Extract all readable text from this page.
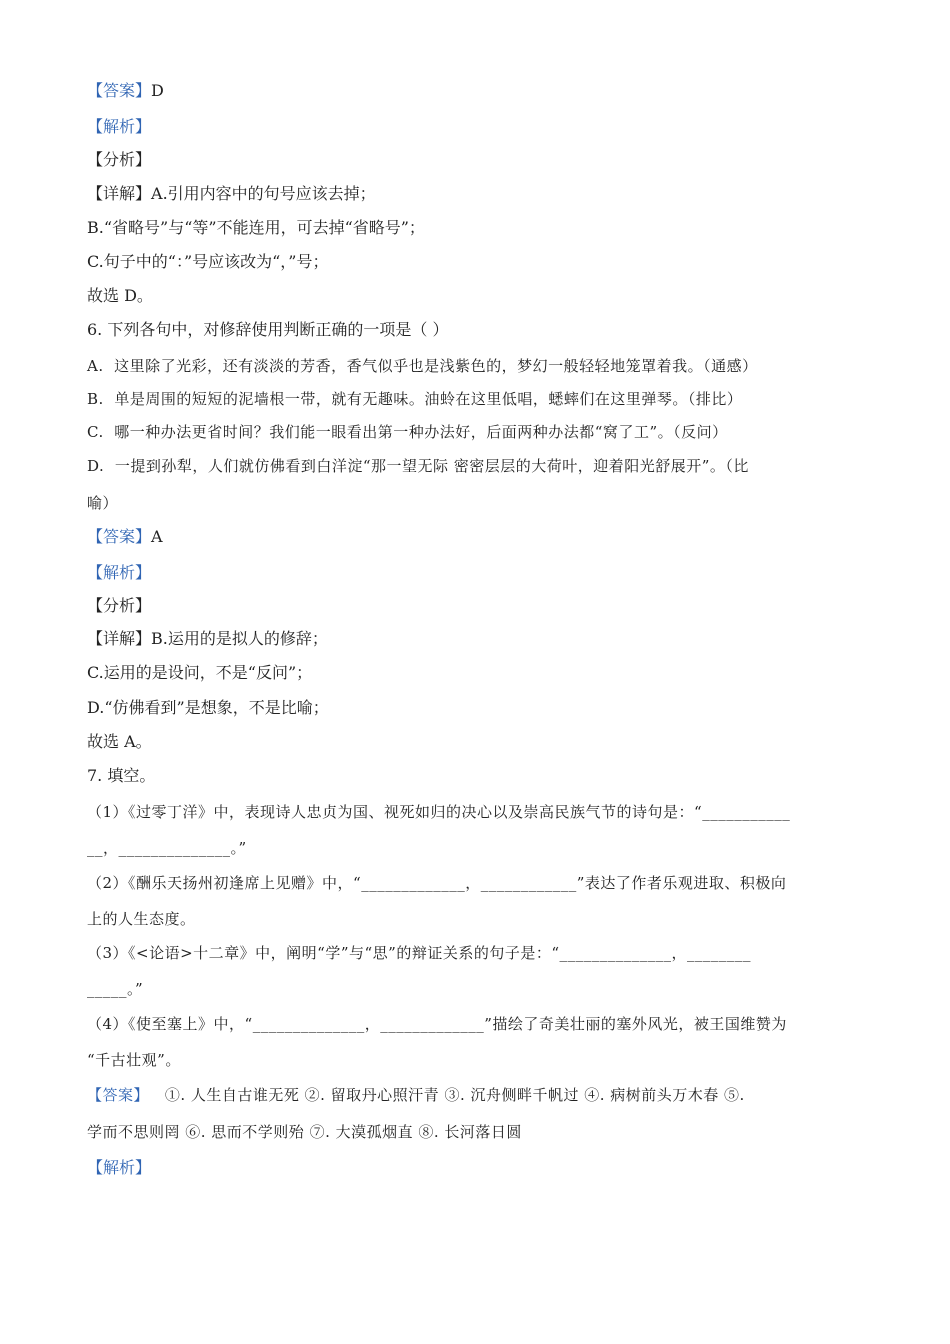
【答案】D
【解析】
【分析】
【详解】A.引用内容中的句号应该去掉；
B.“省略号”与“等”不能连用，可去掉“省略号”；
C.句子中的“：”号应该改为“，”号；
故选 D。
6. 下列各句中，对修辞使用判断正确的一项是（ ）
A. 这里除了光彩，还有淡淡的芳香，香气似乎也是浅紫色的，梦幻一般轻轻地笼罩着我。（通感）
B. 单是周围的短短的泥墙根一带，就有无趣味。油蛉在这里低唱，蟋蟀们在这里弹琴。（排比）
C. 哪一种办法更省时间？我们能一眼看出第一种办法好，后面两种办法都“窝了工”。（反问）
D. 一提到孙犁，人们就仿佛看到白洋淀“那一望无际 密密层层的大荷叶，迎着阳光舒展开”。（比
喻）
【答案】A
【解析】
【分析】
【详解】B.运用的是拟人的修辞；
C.运用的是设问，不是“反问”；
D.“仿佛看到”是想象，不是比喻；
故选 A。
7. 填空。
（1）《过零丁洋》中，表现诗人忠贞为国、视死如归的决心以及崇高民族气节的诗句是：“___________
__，______________。”
（2）《酬乐天扬州初逢席上见赠》中，“_____________，____________”表达了作者乐观进取、积极向
上的人生态度。
（3）《<论语>十二章》中，阐明“学”与“思”的辩证关系的句子是：“______________，________
_____。”
（4）《使至塞上》中，“______________，_____________”描绘了奇美壮丽的塞外风光，被王国维赞为
“千古壮观”。
【答案】 ①. 人生自古谁无死 ②. 留取丹心照汗青 ③. 沉舟侧畔千帆过 ④. 病树前头万木春 ⑤.
学而不思则罔 ⑥. 思而不学则殆 ⑦. 大漠孤烟直 ⑧. 长河落日圆
【解析】
